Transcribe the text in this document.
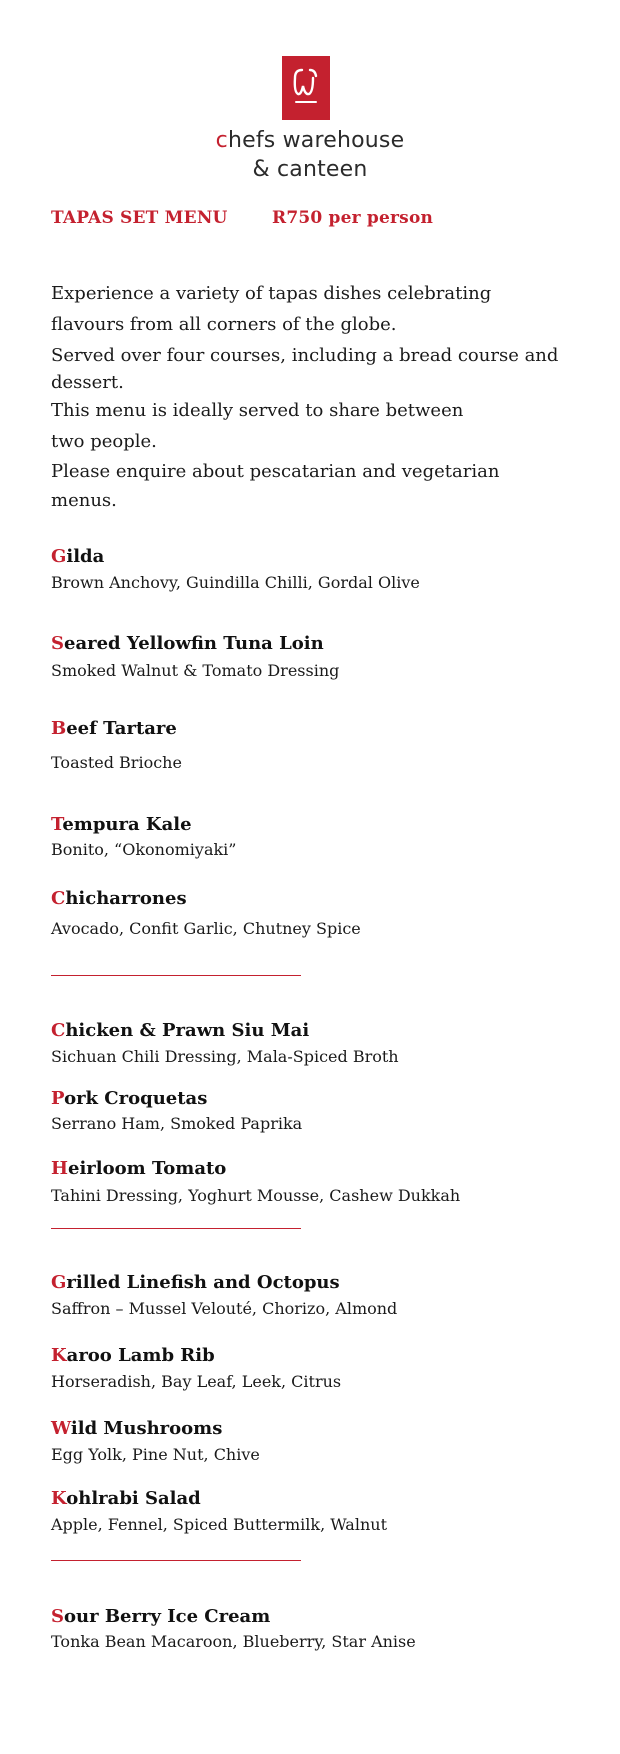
chefs warehouse
& canteen
TAPAS SET MENU	R750 per person
Experience a variety of tapas dishes celebrating
flavours from all corners of the globe.
Served over four courses, including a bread course and
dessert.
This menu is ideally served to share between
two people.
Please enquire about pescatarian and vegetarian
menus.
Gilda
Brown Anchovy, Guindilla Chilli, Gordal Olive
Seared Yellowfin Tuna Loin
Smoked Walnut & Tomato Dressing
Beef Tartare
Toasted Brioche
Tempura Kale
Bonito, “Okonomiyaki”
Chicharrones
Avocado, Confit Garlic, Chutney Spice
Chicken & Prawn Siu Mai
Sichuan Chili Dressing, Mala-Spiced Broth
Pork Croquetas
Serrano Ham, Smoked Paprika
Heirloom Tomato
Tahini Dressing, Yoghurt Mousse, Cashew Dukkah
Grilled Linefish and Octopus
Saffron – Mussel Velouté, Chorizo, Almond
Karoo Lamb Rib
Horseradish, Bay Leaf, Leek, Citrus
Wild Mushrooms
Egg Yolk, Pine Nut, Chive
Kohlrabi Salad
Apple, Fennel, Spiced Buttermilk, Walnut
Sour Berry Ice Cream
Tonka Bean Macaroon, Blueberry, Star Anise
